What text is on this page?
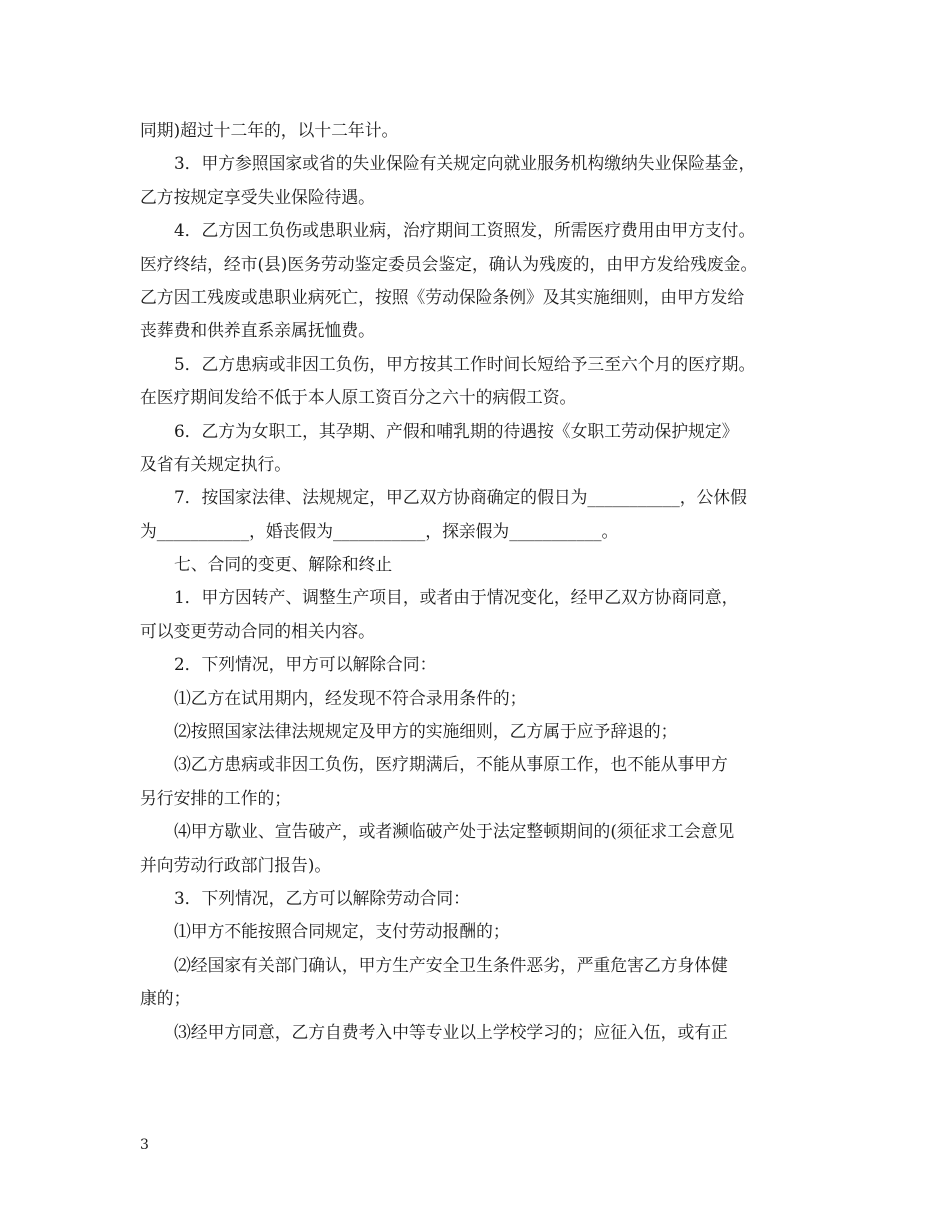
同期)超过十二年的，以十二年计。
3．甲方参照国家或省的失业保险有关规定向就业服务机构缴纳失业保险基金，
乙方按规定享受失业保险待遇。
4．乙方因工负伤或患职业病，治疗期间工资照发，所需医疗费用由甲方支付。
医疗终结，经市(县)医务劳动鉴定委员会鉴定，确认为残废的，由甲方发给残废金。
乙方因工残废或患职业病死亡，按照《劳动保险条例》及其实施细则，由甲方发给
丧葬费和供养直系亲属抚恤费。
5．乙方患病或非因工负伤，甲方按其工作时间长短给予三至六个月的医疗期。
在医疗期间发给不低于本人原工资百分之六十的病假工资。
6．乙方为女职工，其孕期、产假和哺乳期的待遇按《女职工劳动保护规定》
及省有关规定执行。
7．按国家法律、法规规定，甲乙双方协商确定的假日为___________，公休假
为___________，婚丧假为___________，探亲假为___________。
七、合同的变更、解除和终止
1．甲方因转产、调整生产项目，或者由于情况变化，经甲乙双方协商同意，
可以变更劳动合同的相关内容。
2．下列情况，甲方可以解除合同：
⑴乙方在试用期内，经发现不符合录用条件的；
⑵按照国家法律法规规定及甲方的实施细则，乙方属于应予辞退的；
⑶乙方患病或非因工负伤，医疗期满后，不能从事原工作，也不能从事甲方
另行安排的工作的；
⑷甲方歇业、宣告破产，或者濒临破产处于法定整顿期间的(须征求工会意见
并向劳动行政部门报告)。
3．下列情况，乙方可以解除劳动合同：
⑴甲方不能按照合同规定，支付劳动报酬的；
⑵经国家有关部门确认，甲方生产安全卫生条件恶劣，严重危害乙方身体健
康的；
⑶经甲方同意，乙方自费考入中等专业以上学校学习的；应征入伍，或有正
3
